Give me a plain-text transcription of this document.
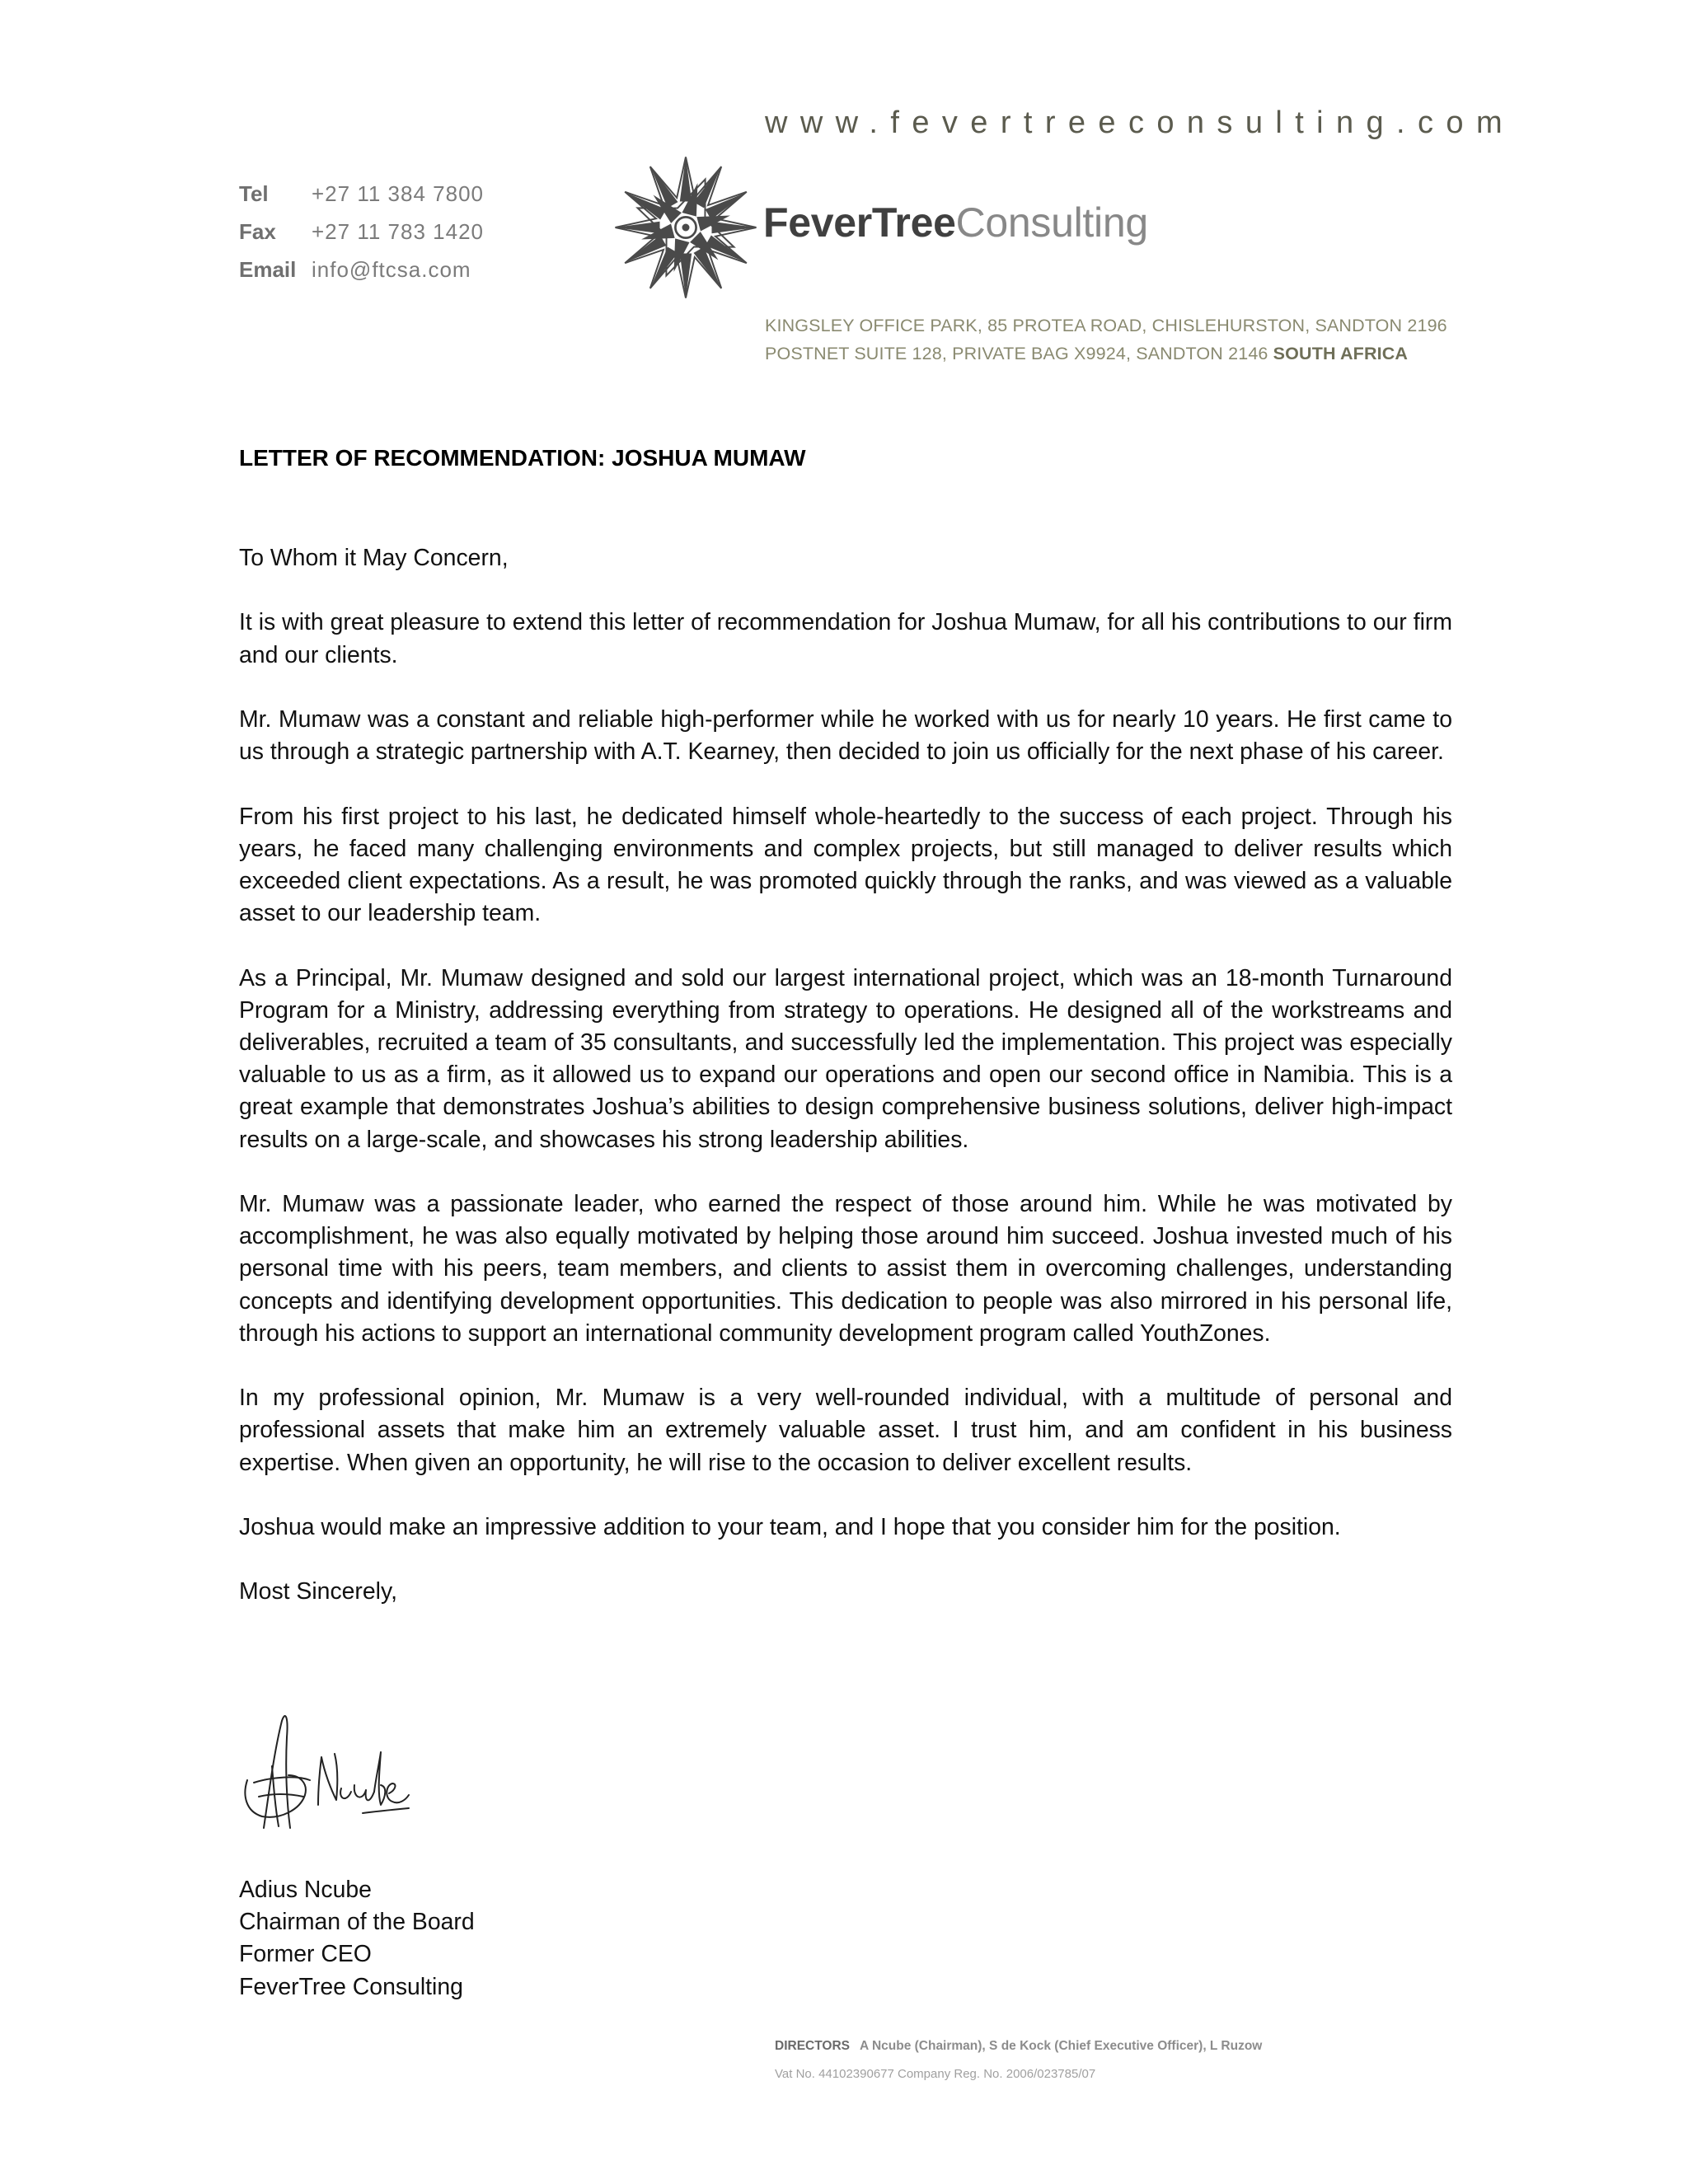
www.fevertreeconsulting.com
Tel +27 11 384 7800
Fax +27 11 783 1420
Email info@ftcsa.com
FeverTreeConsulting
KINGSLEY OFFICE PARK, 85 PROTEA ROAD, CHISLEHURSTON, SANDTON 2196
POSTNET SUITE 128, PRIVATE BAG X9924, SANDTON 2146 SOUTH AFRICA
LETTER OF RECOMMENDATION: JOSHUA MUMAW

To Whom it May Concern,

It is with great pleasure to extend this letter of recommendation for Joshua Mumaw, for all his contributions to our firm and our clients.

Mr. Mumaw was a constant and reliable high-performer while he worked with us for nearly 10 years. He first came to us through a strategic partnership with A.T. Kearney, then decided to join us officially for the next phase of his career.

From his first project to his last, he dedicated himself whole-heartedly to the success of each project. Through his years, he faced many challenging environments and complex projects, but still managed to deliver results which exceeded client expectations. As a result, he was promoted quickly through the ranks, and was viewed as a valuable asset to our leadership team.

As a Principal, Mr. Mumaw designed and sold our largest international project, which was an 18-month Turnaround Program for a Ministry, addressing everything from strategy to operations. He designed all of the workstreams and deliverables, recruited a team of 35 consultants, and successfully led the implementation. This project was especially valuable to us as a firm, as it allowed us to expand our operations and open our second office in Namibia. This is a great example that demonstrates Joshua’s abilities to design comprehensive business solutions, deliver high-impact results on a large-scale, and showcases his strong leadership abilities.

Mr. Mumaw was a passionate leader, who earned the respect of those around him. While he was motivated by accomplishment, he was also equally motivated by helping those around him succeed. Joshua invested much of his personal time with his peers, team members, and clients to assist them in overcoming challenges, understanding concepts and identifying development opportunities. This dedication to people was also mirrored in his personal life, through his actions to support an international community development program called YouthZones.

In my professional opinion, Mr. Mumaw is a very well-rounded individual, with a multitude of personal and professional assets that make him an extremely valuable asset. I trust him, and am confident in his business expertise. When given an opportunity, he will rise to the occasion to deliver excellent results.

Joshua would make an impressive addition to your team, and I hope that you consider him for the position.

Most Sincerely,

Adius Ncube
Chairman of the Board
Former CEO
FeverTree Consulting
DIRECTORS A Ncube (Chairman), S de Kock (Chief Executive Officer), L Ruzow
Vat No. 44102390677 Company Reg. No. 2006/023785/07
